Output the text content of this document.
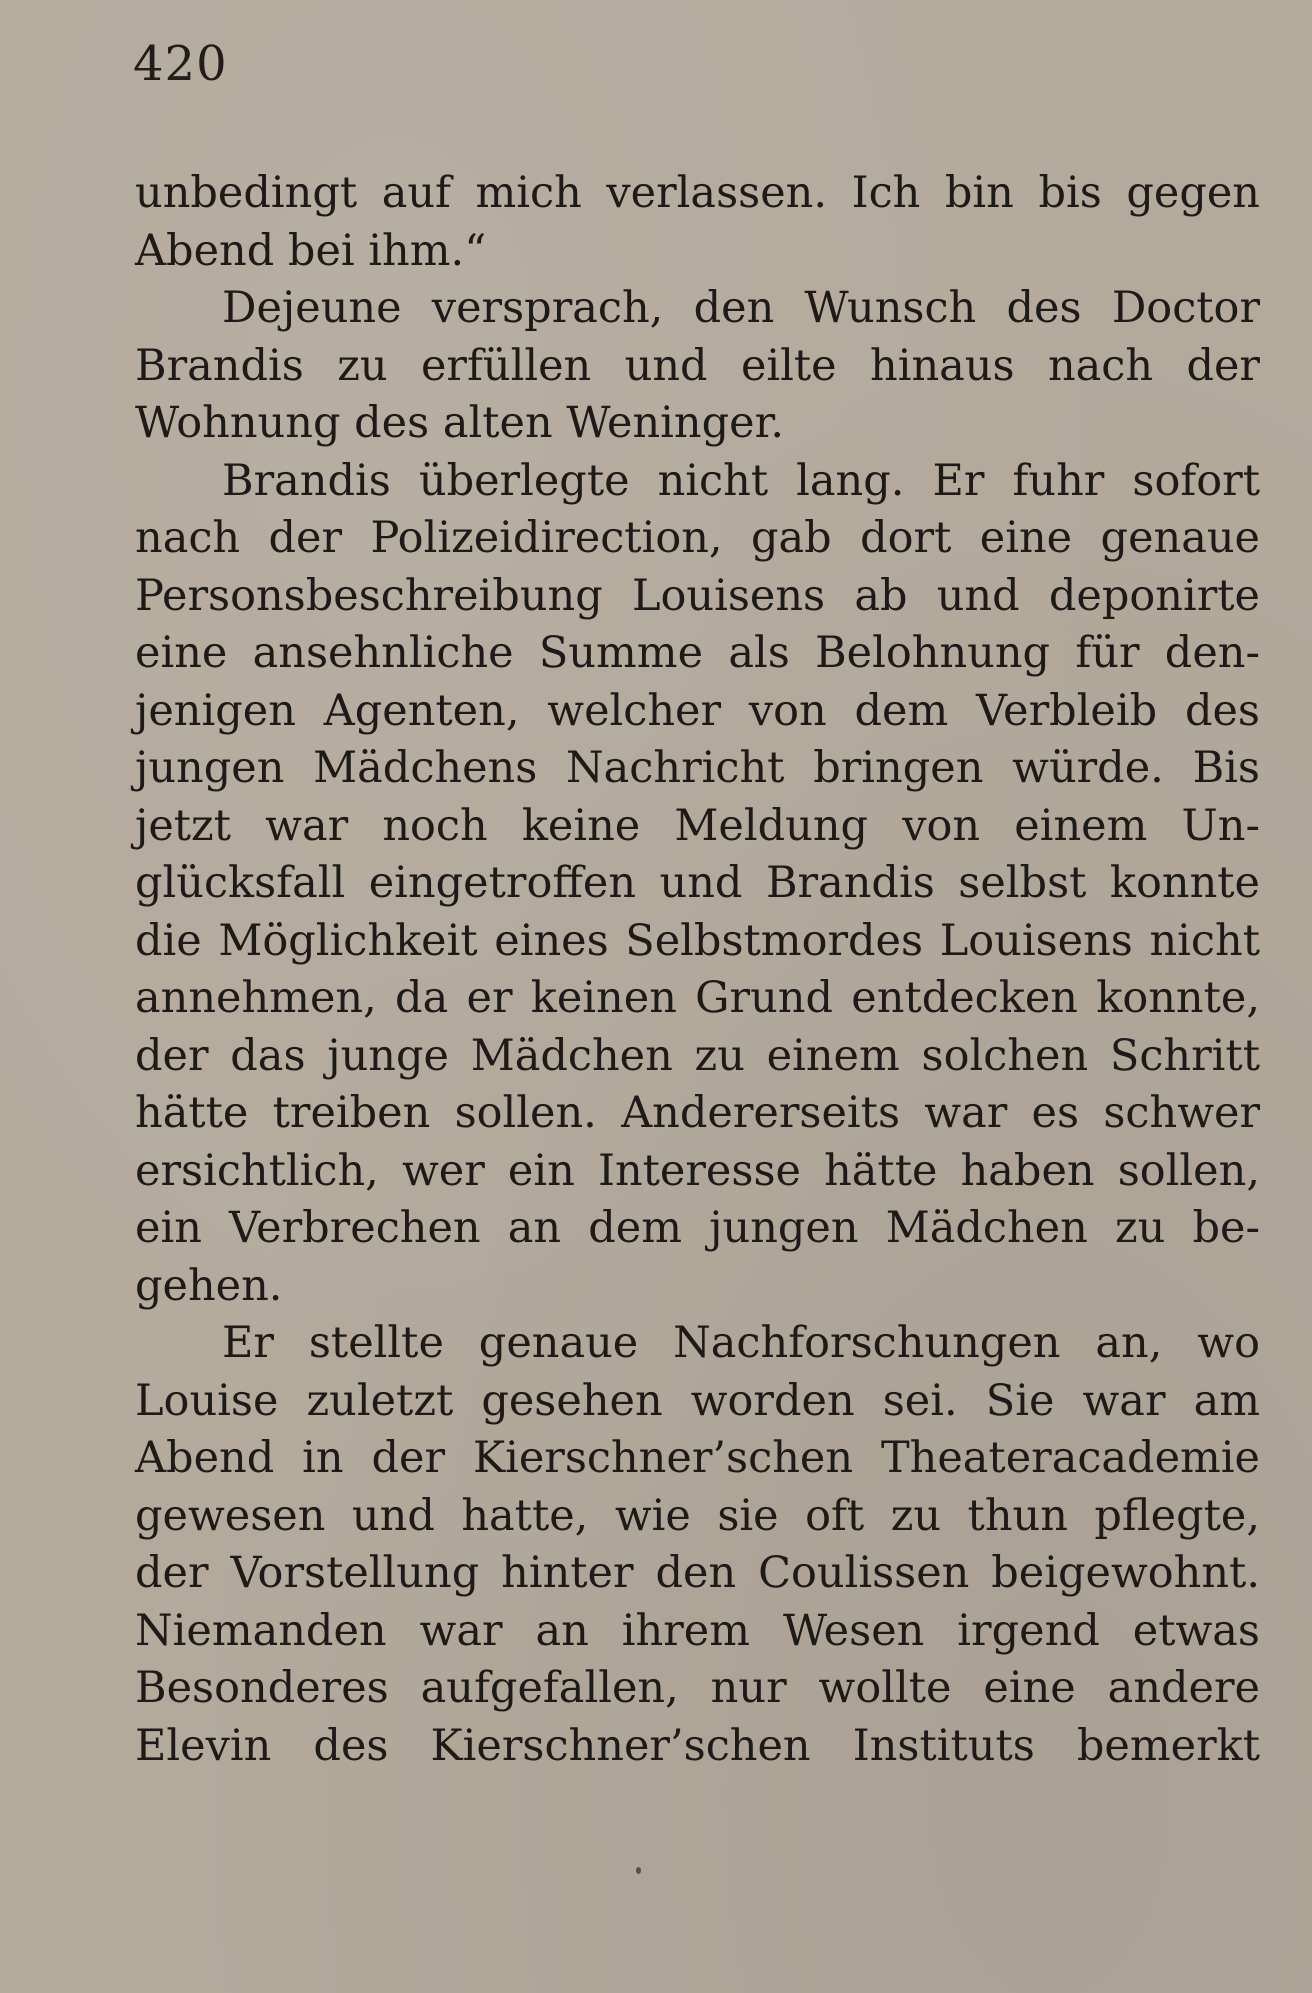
420
unbedingt auf mich verlassen. Ich bin bis gegen
Abend bei ihm.“
Dejeune versprach, den Wunsch des Doctor
Brandis zu erfüllen und eilte hinaus nach der
Wohnung des alten Weninger.
Brandis überlegte nicht lang. Er fuhr sofort
nach der Polizeidirection, gab dort eine genaue
Personsbeschreibung Louisens ab und deponirte
eine ansehnliche Summe als Belohnung für den-
jenigen Agenten, welcher von dem Verbleib des
jungen Mädchens Nachricht bringen würde. Bis
jetzt war noch keine Meldung von einem Un-
glücksfall eingetroffen und Brandis selbst konnte
die Möglichkeit eines Selbstmordes Louisens nicht
annehmen, da er keinen Grund entdecken konnte,
der das junge Mädchen zu einem solchen Schritt
hätte treiben sollen. Andererseits war es schwer
ersichtlich, wer ein Interesse hätte haben sollen,
ein Verbrechen an dem jungen Mädchen zu be-
gehen.
Er stellte genaue Nachforschungen an, wo
Louise zuletzt gesehen worden sei. Sie war am
Abend in der Kierschner’schen Theateracademie
gewesen und hatte, wie sie oft zu thun pflegte,
der Vorstellung hinter den Coulissen beigewohnt.
Niemanden war an ihrem Wesen irgend etwas
Besonderes aufgefallen, nur wollte eine andere
Elevin des Kierschner’schen Instituts bemerkt
